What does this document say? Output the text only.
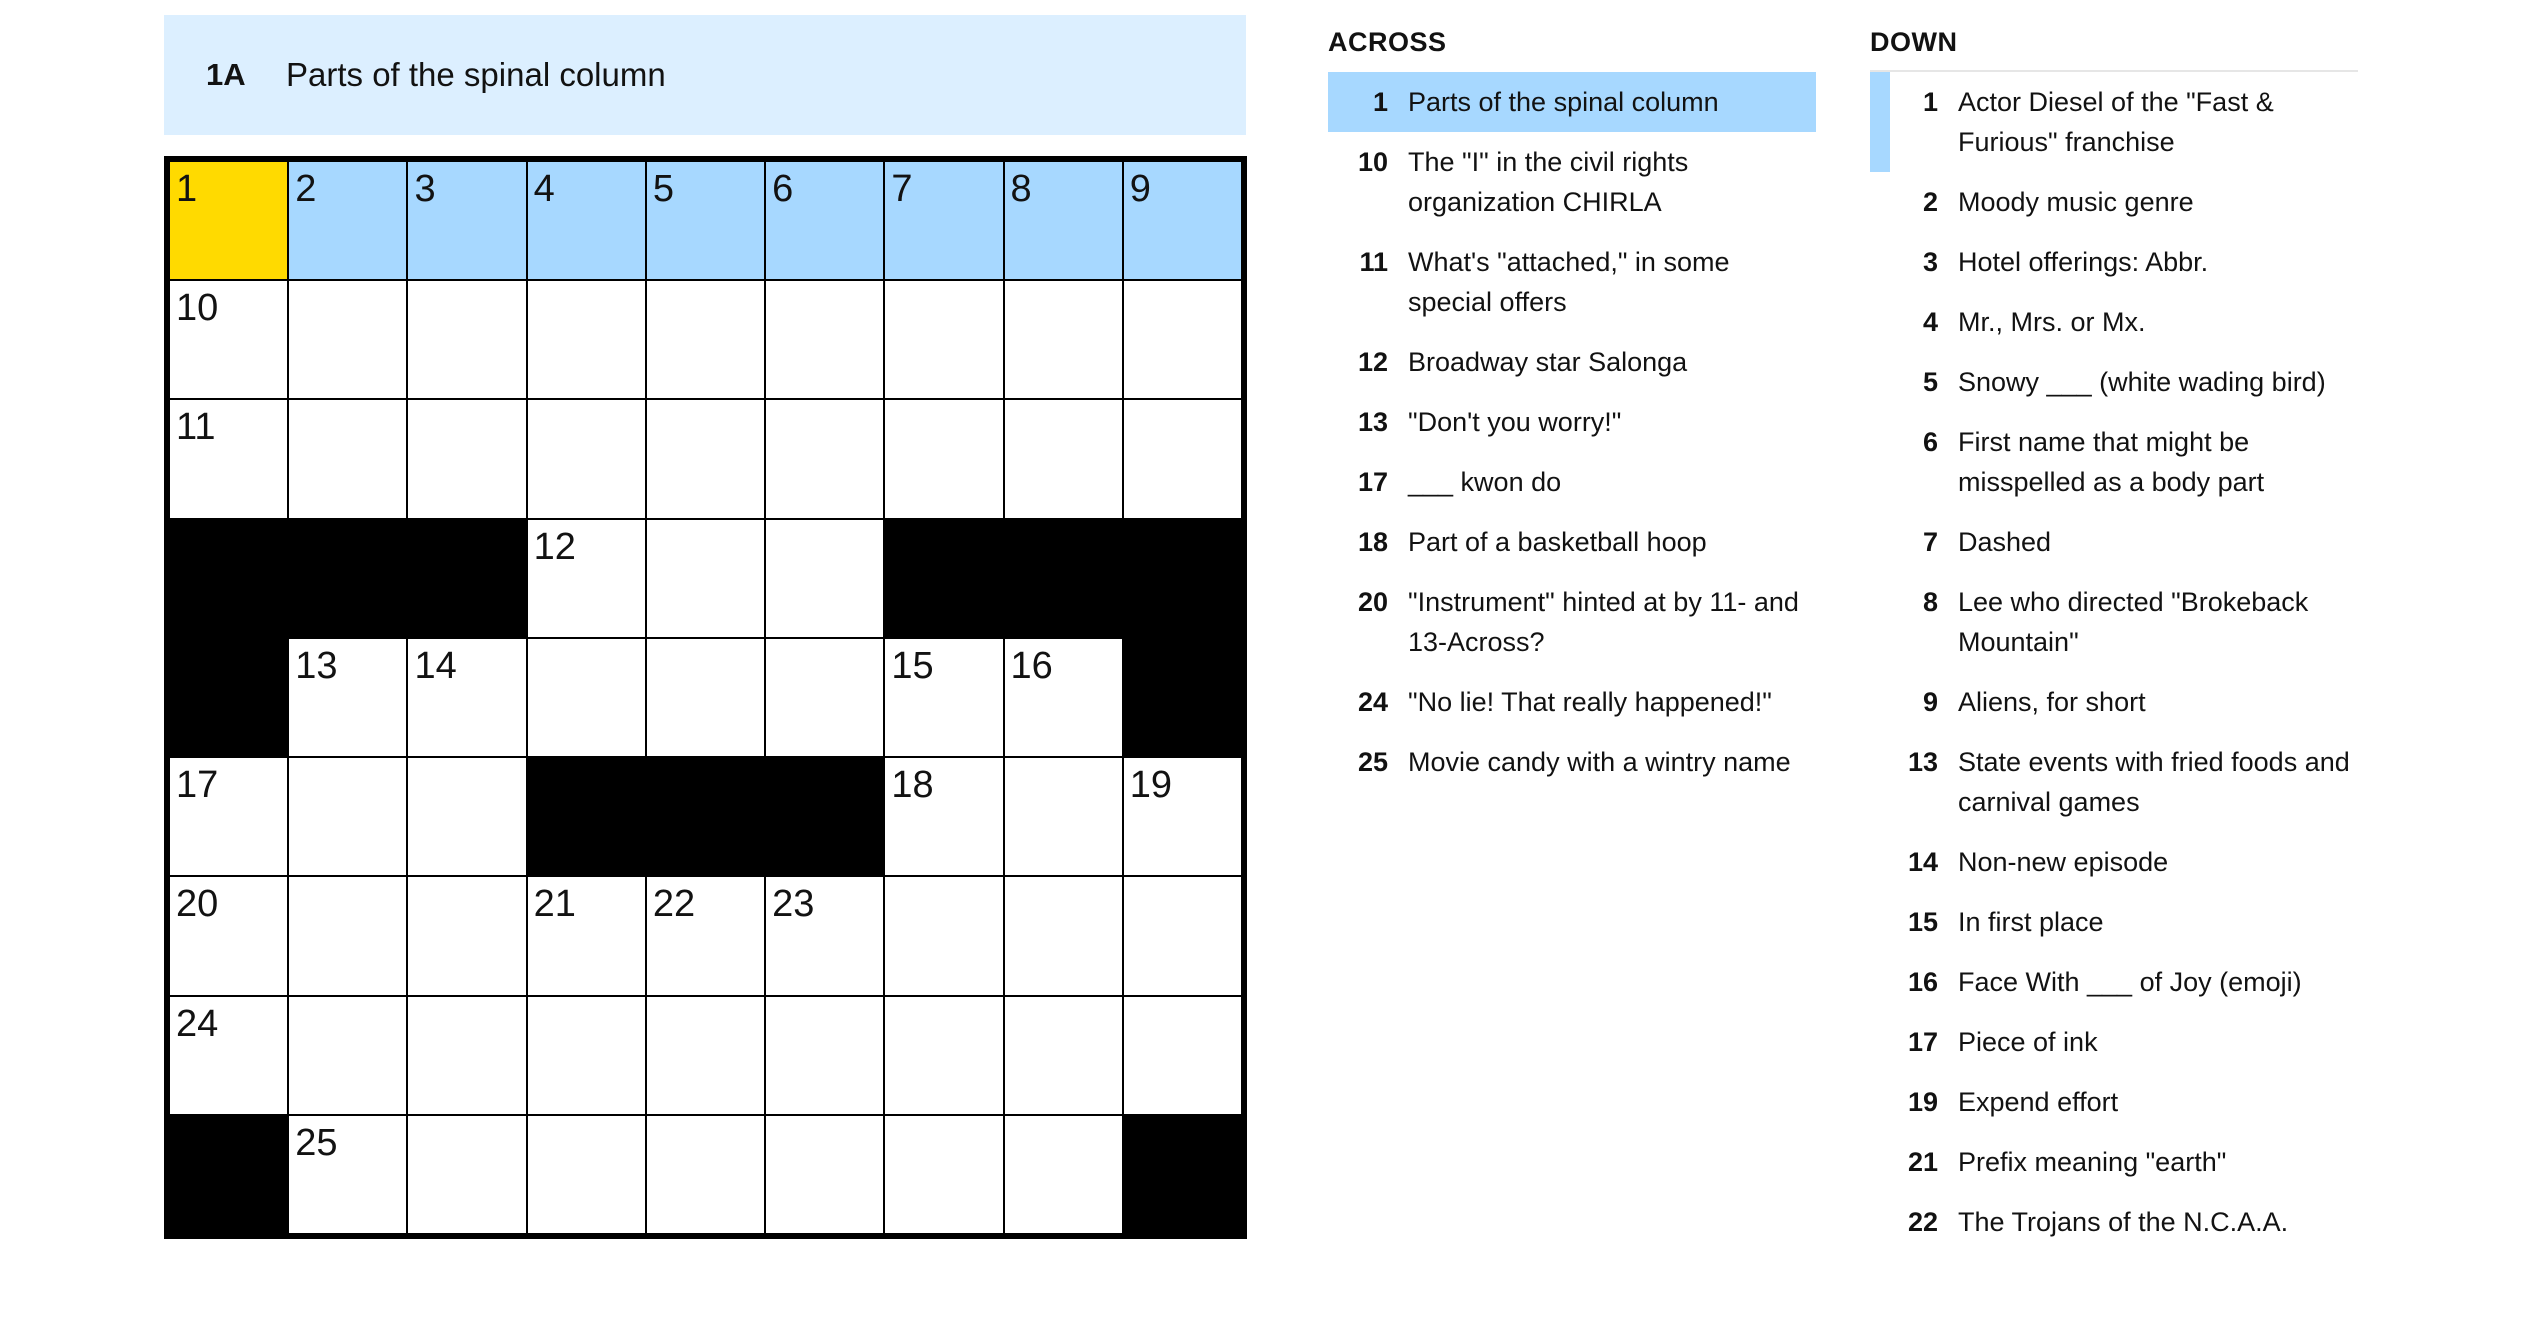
1A	Parts of the spinal column
1	2	3	4	5	6	7	8	9
10
11
12
13 14	15 16
17	18	19
20	21 22 23
24
25
ACROSS
1 Parts of the spinal column
10 The "I" in the civil rights organization CHIRLA
11 What's "attached," in some special offers
12 Broadway star Salonga
13 "Don't you worry!"
17 ___ kwon do
18 Part of a basketball hoop
20 "Instrument" hinted at by 11- and 13-Across?
24 "No lie! That really happened!"
25 Movie candy with a wintry name
DOWN
1 Actor Diesel of the "Fast & Furious" franchise
2 Moody music genre
3 Hotel offerings: Abbr.
4 Mr., Mrs. or Mx.
5 Snowy ___ (white wading bird)
6 First name that might be misspelled as a body part
7 Dashed
8 Lee who directed "Brokeback Mountain"
9 Aliens, for short
13 State events with fried foods and carnival games
14 Non-new episode
15 In first place
16 Face With ___ of Joy (emoji)
17 Piece of ink
19 Expend effort
21 Prefix meaning "earth"
22 The Trojans of the N.C.A.A.
